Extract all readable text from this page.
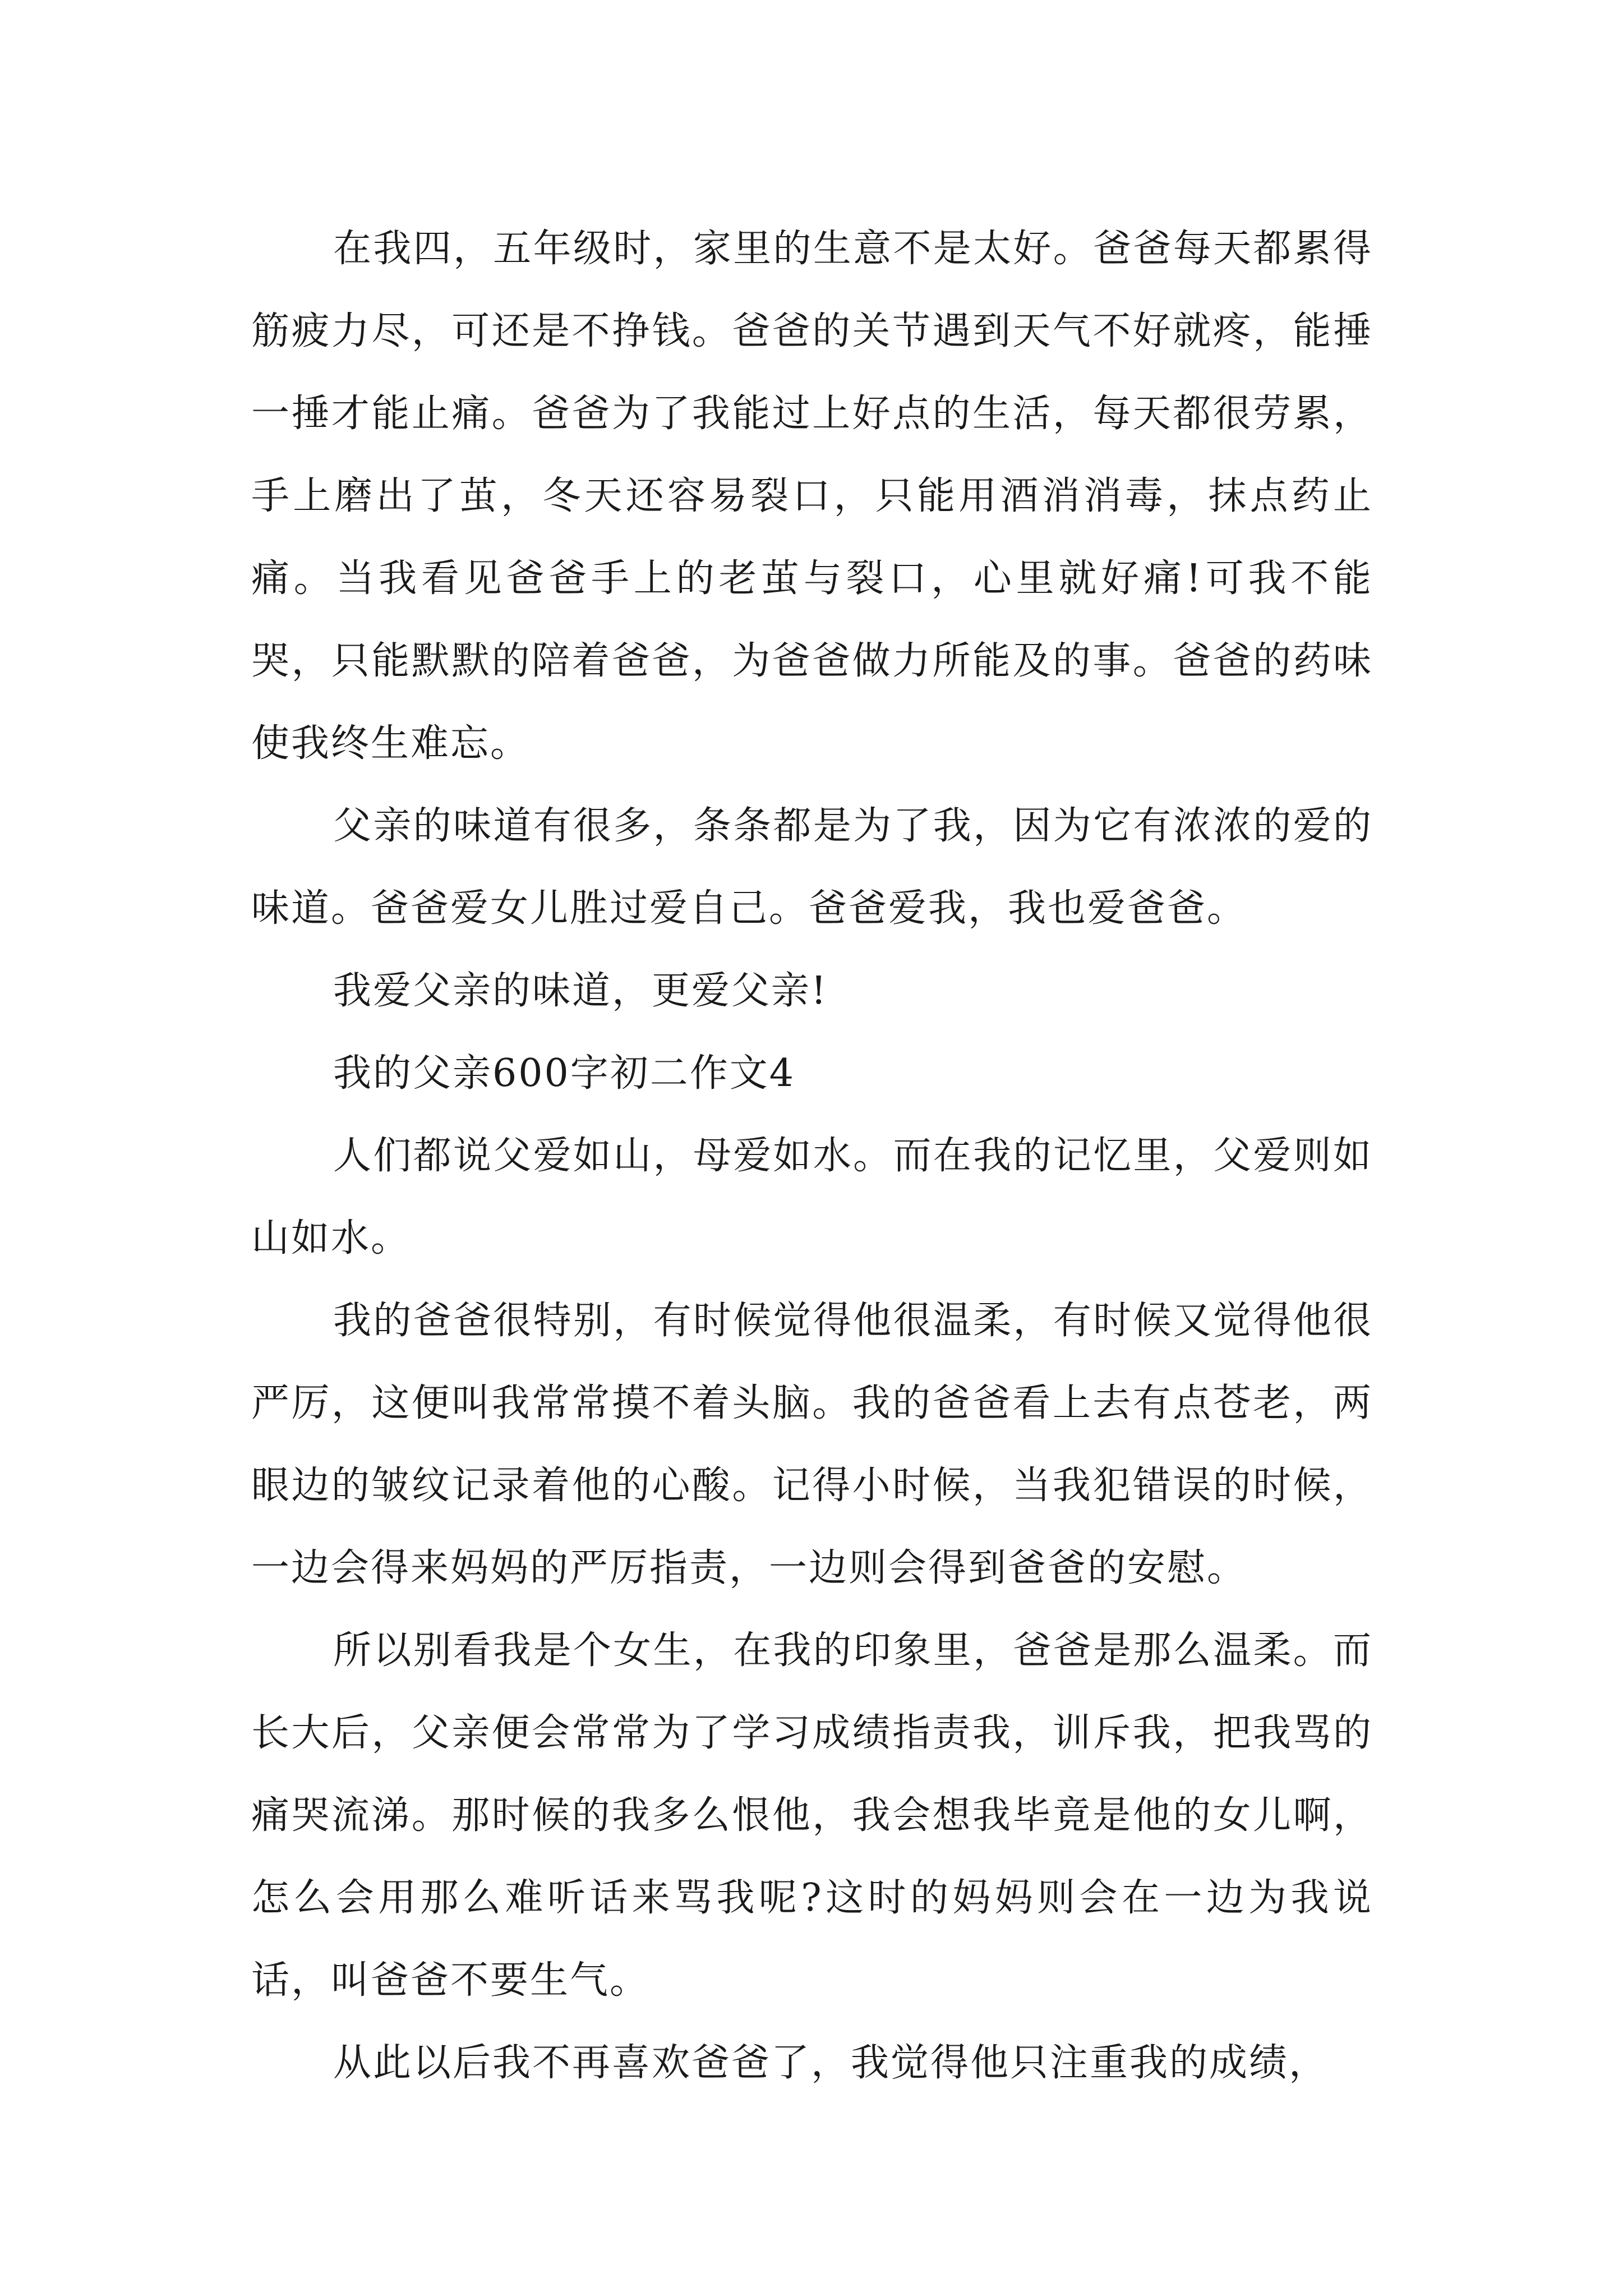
在我四，五年级时，家里的生意不是太好。爸爸每天都累得筋疲力尽，可还是不挣钱。爸爸的关节遇到天气不好就疼，能捶一捶才能止痛。爸爸为了我能过上好点的生活，每天都很劳累，手上磨出了茧，冬天还容易裂口，只能用酒消消毒，抹点药止痛。当我看见爸爸手上的老茧与裂口，心里就好痛!可我不能哭，只能默默的陪着爸爸，为爸爸做力所能及的事。爸爸的药味使我终生难忘。

父亲的味道有很多，条条都是为了我，因为它有浓浓的爱的味道。爸爸爱女儿胜过爱自己。爸爸爱我，我也爱爸爸。

我爱父亲的味道，更爱父亲!

我的父亲600字初二作文4

人们都说父爱如山，母爱如水。而在我的记忆里，父爱则如山如水。

我的爸爸很特别，有时候觉得他很温柔，有时候又觉得他很严厉，这便叫我常常摸不着头脑。我的爸爸看上去有点苍老，两眼边的皱纹记录着他的心酸。记得小时候，当我犯错误的时候，一边会得来妈妈的严厉指责，一边则会得到爸爸的安慰。

所以别看我是个女生，在我的印象里，爸爸是那么温柔。而长大后，父亲便会常常为了学习成绩指责我，训斥我，把我骂的痛哭流涕。那时候的我多么恨他，我会想我毕竟是他的女儿啊，怎么会用那么难听话来骂我呢?这时的妈妈则会在一边为我说话，叫爸爸不要生气。

从此以后我不再喜欢爸爸了，我觉得他只注重我的成绩，
